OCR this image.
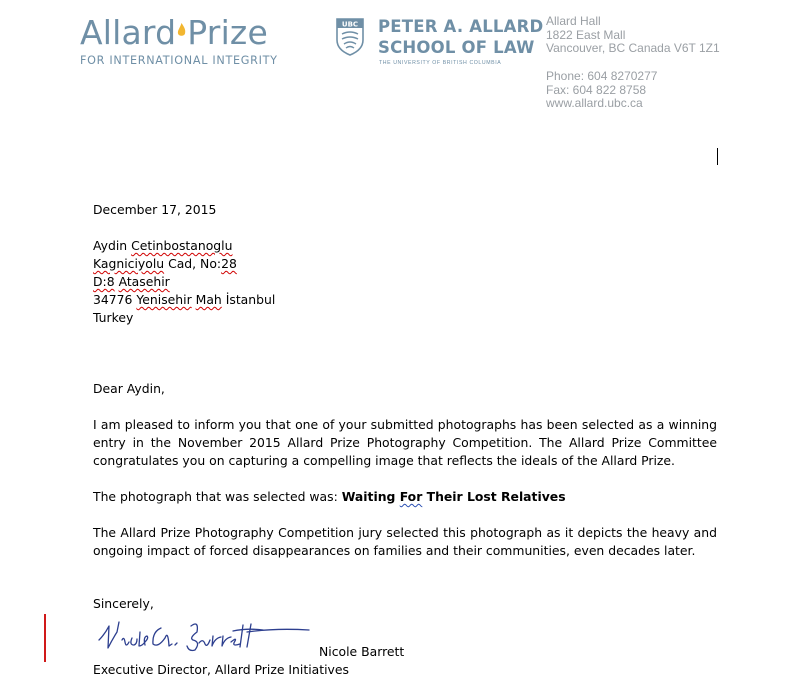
Allard Prize
FOR INTERNATIONAL INTEGRITY
UBC PETER A. ALLARD
SCHOOL OF LAW
THE UNIVERSITY OF BRITISH COLUMBIA
Allard Hall
1822 East Mall
Vancouver, BC Canada V6T 1Z1
Phone: 604 8270277
Fax: 604 822 8758
www.allard.ubc.ca
December 17, 2015
Aydin Cetinbostanoglu
Kagniciyolu Cad, No:28
D:8 Atasehir
34776 Yenisehir Mah İstanbul
Turkey
Dear Aydin,
I am pleased to inform you that one of your submitted photographs has been selected as a winning entry in the November 2015 Allard Prize Photography Competition. The Allard Prize Committee congratulates you on capturing a compelling image that reflects the ideals of the Allard Prize.
The photograph that was selected was: Waiting For Their Lost Relatives
The Allard Prize Photography Competition jury selected this photograph as it depicts the heavy and ongoing impact of forced disappearances on families and their communities, even decades later.
Sincerely,
Nicole Barrett
Executive Director, Allard Prize Initiatives
